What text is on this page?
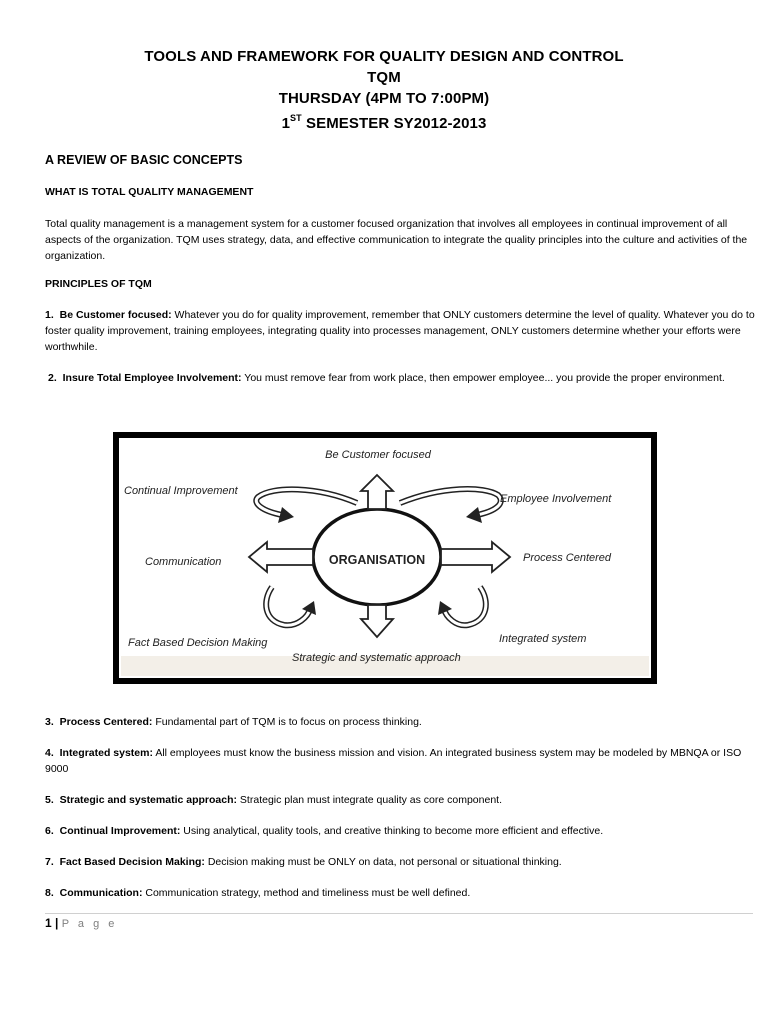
TOOLS AND FRAMEWORK FOR QUALITY DESIGN AND CONTROL
TQM
THURSDAY (4PM TO 7:00PM)
1ST SEMESTER SY2012-2013
A REVIEW OF BASIC CONCEPTS
WHAT IS TOTAL QUALITY MANAGEMENT
Total quality management is a management system for a customer focused organization that involves all employees in continual improvement of all aspects of the organization. TQM uses strategy, data, and effective communication to integrate the quality principles into the culture and activities of the organization.
PRINCIPLES OF TQM
1. Be Customer focused: Whatever you do for quality improvement, remember that ONLY customers determine the level of quality. Whatever you do to foster quality improvement, training employees, integrating quality into processes management, ONLY customers determine whether your efforts were worthwhile.
2. Insure Total Employee Involvement: You must remove fear from work place, then empower employee... you provide the proper environment.
ORGANISATION
Be Customer focused
Continual Improvement
Employee Involvement
Communication	Process Centered
Fact Based Decision Making	Integrated system
Strategic and systematic approach
3. Process Centered: Fundamental part of TQM is to focus on process thinking.
4. Integrated system: All employees must know the business mission and vision. An integrated business system may be modeled by MBNQA or ISO 9000
5. Strategic and systematic approach: Strategic plan must integrate quality as core component.
6. Continual Improvement: Using analytical, quality tools, and creative thinking to become more efficient and effective.
7. Fact Based Decision Making: Decision making must be ONLY on data, not personal or situational thinking.
8. Communication: Communication strategy, method and timeliness must be well defined.
1 | P a g e
